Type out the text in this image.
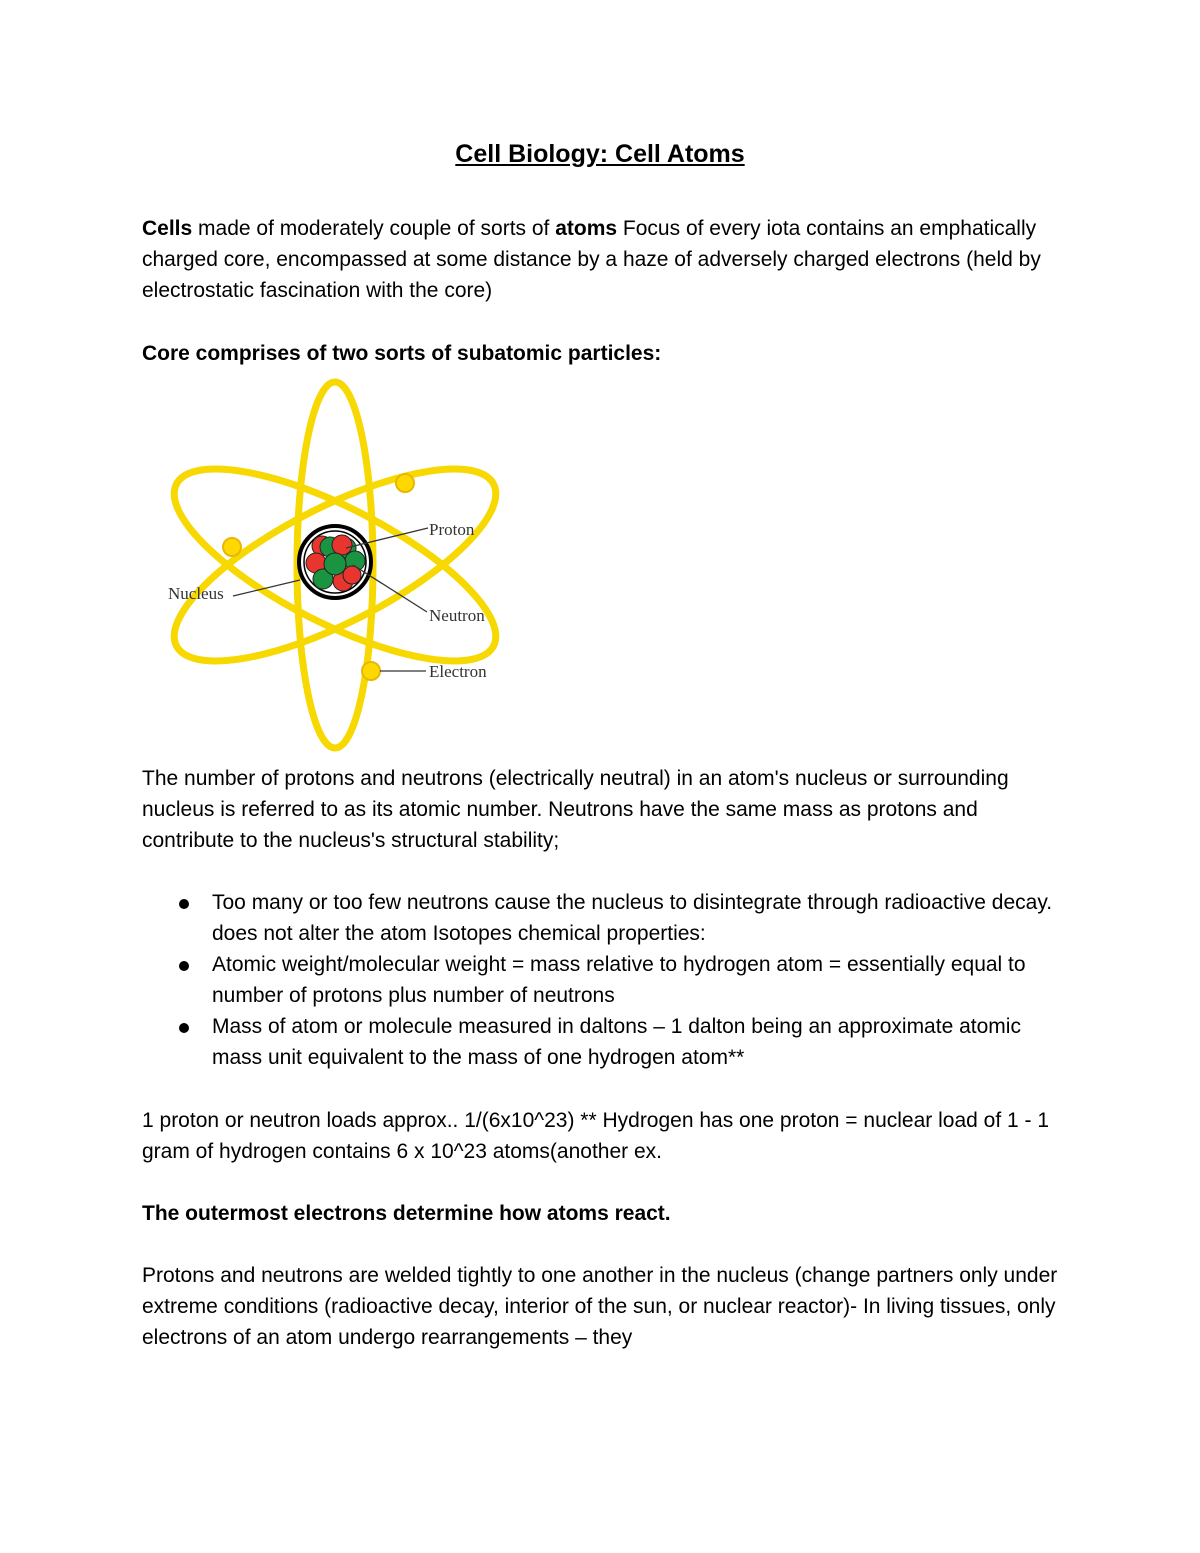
Cell Biology: Cell Atoms

Cells made of moderately couple of sorts of atoms Focus of every iota contains an emphatically charged core, encompassed at some distance by a haze of adversely charged electrons (held by electrostatic fascination with the core)

Core comprises of two sorts of subatomic particles:

Proton
Nucleus
Neutron
Electron

The number of protons and neutrons (electrically neutral) in an atom's nucleus or surrounding nucleus is referred to as its atomic number. Neutrons have the same mass as protons and contribute to the nucleus's structural stability;

Too many or too few neutrons cause the nucleus to disintegrate through radioactive decay. does not alter the atom Isotopes chemical properties:
Atomic weight/molecular weight = mass relative to hydrogen atom = essentially equal to number of protons plus number of neutrons
Mass of atom or molecule measured in daltons – 1 dalton being an approximate atomic mass unit equivalent to the mass of one hydrogen atom**

1 proton or neutron loads approx.. 1/(6x10^23) ** Hydrogen has one proton = nuclear load of 1 - 1 gram of hydrogen contains 6 x 10^23 atoms(another ex.

The outermost electrons determine how atoms react.

Protons and neutrons are welded tightly to one another in the nucleus (change partners only under extreme conditions (radioactive decay, interior of the sun, or nuclear reactor)- In living tissues, only electrons of an atom undergo rearrangements – they
